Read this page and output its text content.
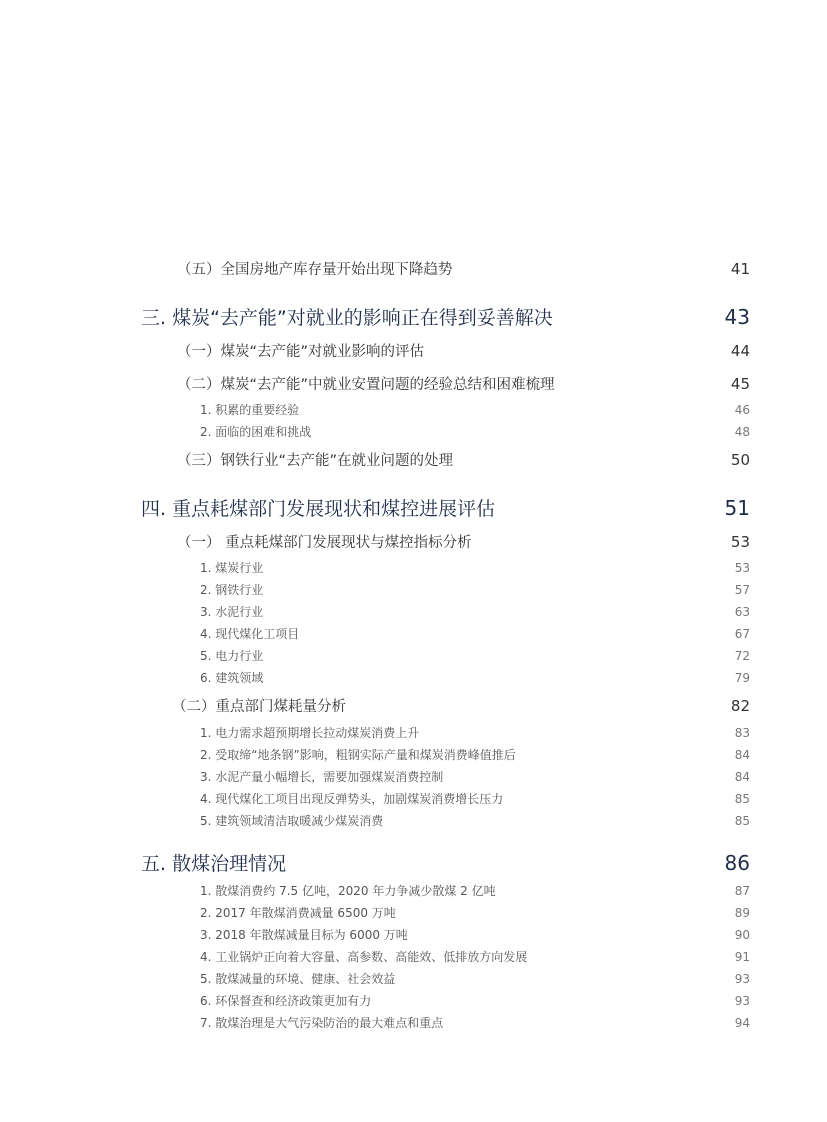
（五）全国房地产库存量开始出现下降趋势	41
三. 煤炭“去产能”对就业的影响正在得到妥善解决	43
（一）煤炭“去产能”对就业影响的评估	44
（二）煤炭“去产能”中就业安置问题的经验总结和困难梳理	45
1. 积累的重要经验	46
2. 面临的困难和挑战	48
（三）钢铁行业“去产能”在就业问题的处理	50
四. 重点耗煤部门发展现状和煤控进展评估	51
（一） 重点耗煤部门发展现状与煤控指标分析	53
1. 煤炭行业	53
2. 钢铁行业	57
3. 水泥行业	63
4. 现代煤化工项目	67
5. 电力行业	72
6. 建筑领域	79
（二）重点部门煤耗量分析	82
1. 电力需求超预期增长拉动煤炭消费上升	83
2. 受取缔“地条钢”影响，粗钢实际产量和煤炭消费峰值推后	84
3. 水泥产量小幅增长，需要加强煤炭消费控制	84
4. 现代煤化工项目出现反弹势头，加剧煤炭消费增长压力	85
5. 建筑领域清洁取暖减少煤炭消费	85
五. 散煤治理情况	86
1. 散煤消费约 7.5 亿吨，2020 年力争减少散煤 2 亿吨	87
2. 2017 年散煤消费减量 6500 万吨	89
3. 2018 年散煤减量目标为 6000 万吨	90
4. 工业锅炉正向着大容量、高参数、高能效、低排放方向发展	91
5. 散煤减量的环境、健康、社会效益	93
6. 环保督查和经济政策更加有力	93
7. 散煤治理是大气污染防治的最大难点和重点	94
